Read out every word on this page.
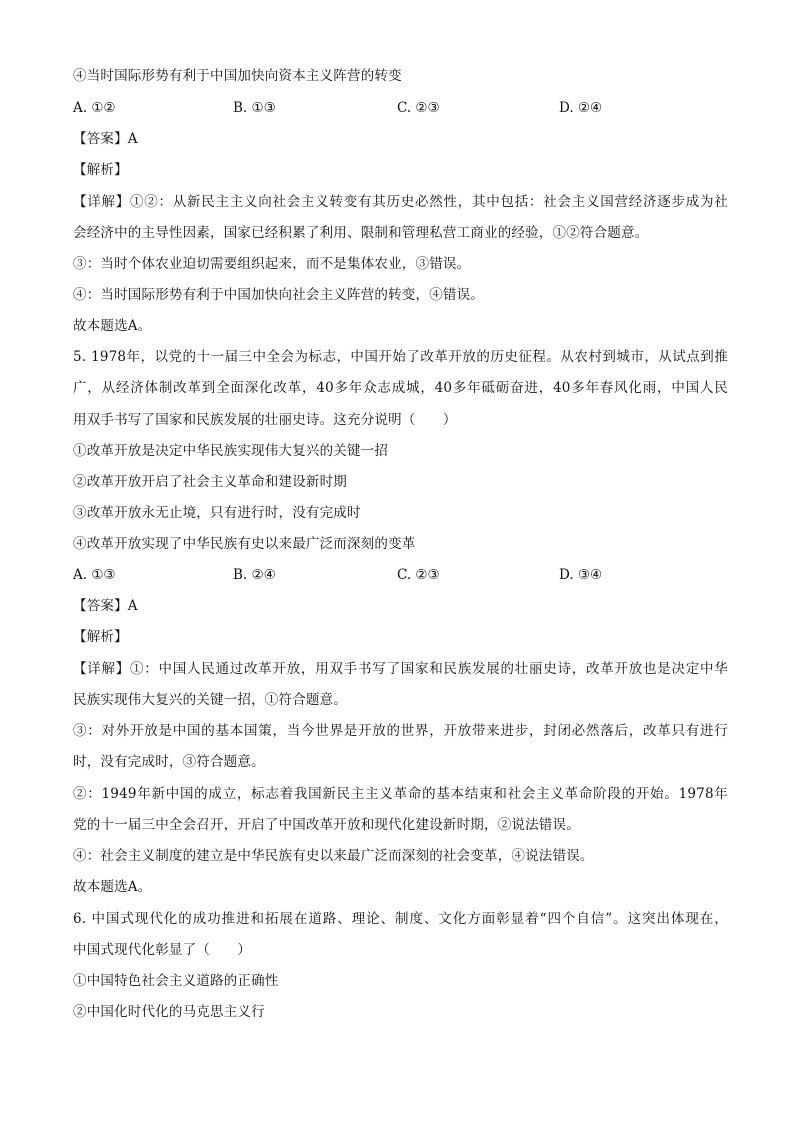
④当时国际形势有利于中国加快向资本主义阵营的转变
A. ①②	B. ①③	C. ②③	D. ②④
【答案】A
【解析】
【详解】①②：从新民主主义向社会主义转变有其历史必然性，其中包括：社会主义国营经济逐步成为社
会经济中的主导性因素，国家已经积累了利用、限制和管理私营工商业的经验，①②符合题意。
③：当时个体农业迫切需要组织起来，而不是集体农业，③错误。
④：当时国际形势有利于中国加快向社会主义阵营的转变，④错误。
故本题选A。
5. 1978年，以党的十一届三中全会为标志，中国开始了改革开放的历史征程。从农村到城市，从试点到推
广，从经济体制改革到全面深化改革，40多年众志成城，40多年砥砺奋进，40多年春风化雨，中国人民
用双手书写了国家和民族发展的壮丽史诗。这充分说明（　　）
①改革开放是决定中华民族实现伟大复兴的关键一招
②改革开放开启了社会主义革命和建设新时期
③改革开放永无止境，只有进行时，没有完成时
④改革开放实现了中华民族有史以来最广泛而深刻的变革
A. ①③	B. ②④	C. ②③	D. ③④
【答案】A
【解析】
【详解】①：中国人民通过改革开放，用双手书写了国家和民族发展的壮丽史诗，改革开放也是决定中华
民族实现伟大复兴的关键一招，①符合题意。
③：对外开放是中国的基本国策，当今世界是开放的世界，开放带来进步，封闭必然落后，改革只有进行
时，没有完成时，③符合题意。
②：1949年新中国的成立，标志着我国新民主主义革命的基本结束和社会主义革命阶段的开始。1978年
党的十一届三中全会召开，开启了中国改革开放和现代化建设新时期，②说法错误。
④：社会主义制度的建立是中华民族有史以来最广泛而深刻的社会变革，④说法错误。
故本题选A。
6. 中国式现代化的成功推进和拓展在道路、理论、制度、文化方面彰显着“四个自信”。这突出体现在，
中国式现代化彰显了（　　）
①中国特色社会主义道路的正确性
②中国化时代化的马克思主义行
